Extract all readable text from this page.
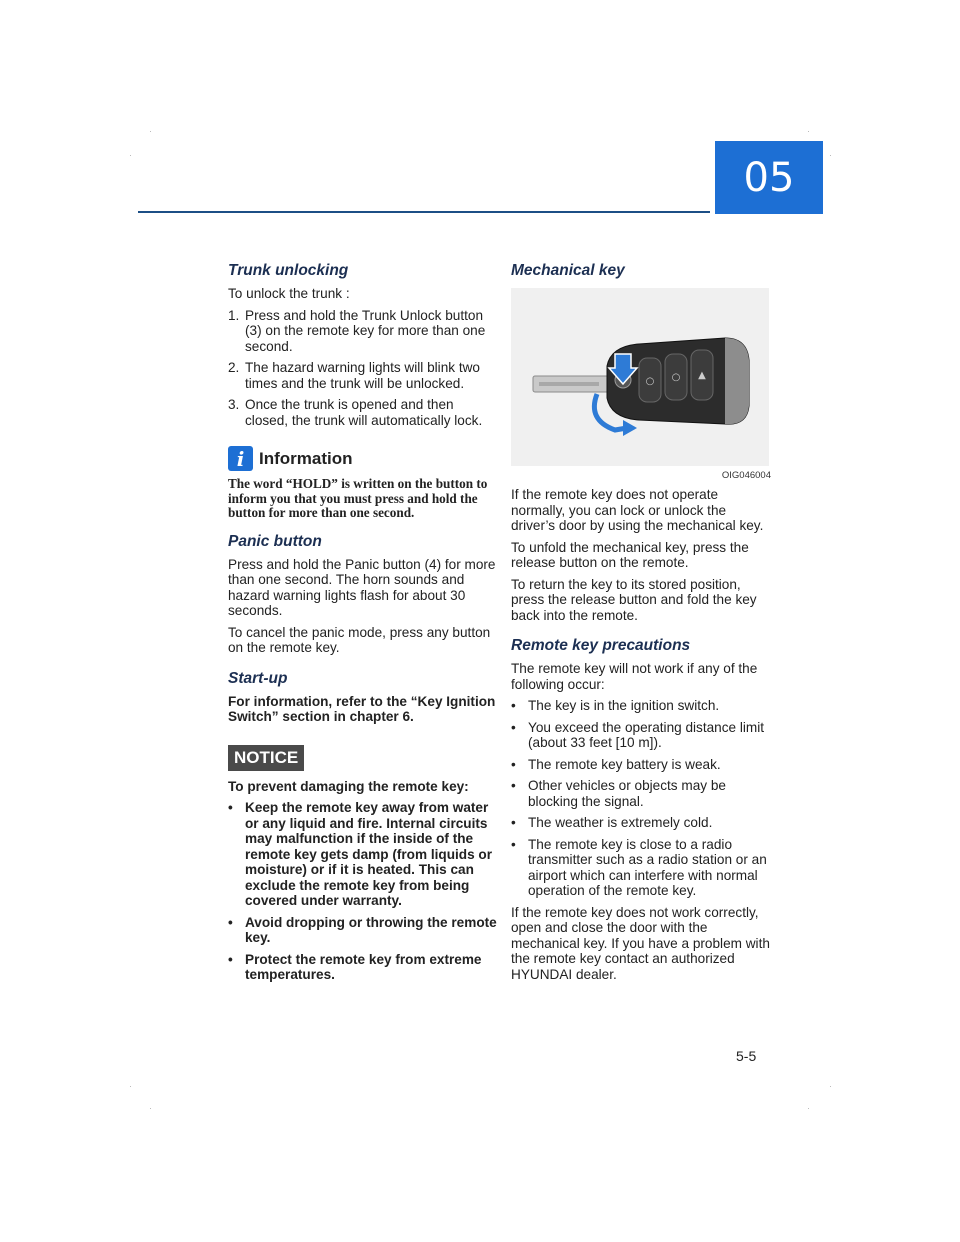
05
Trunk unlocking

To unlock the trunk :

1. Press and hold the Trunk Unlock button (3) on the remote key for more than one second.
2. The hazard warning lights will blink two times and the trunk will be unlocked.
3. Once the trunk is opened and then closed, the trunk will automatically lock.
i Information
The word “HOLD” is written on the button to inform you that you must press and hold the button for more than one second.
Panic button

Press and hold the Panic button (4) for more than one second. The horn sounds and hazard warning lights flash for about 30 seconds.

To cancel the panic mode, press any button on the remote key.

Start-up

For information, refer to the “Key Ignition Switch” section in chapter 6.

NOTICE

To prevent damaging the remote key:

• Keep the remote key away from water or any liquid and fire. Internal circuits may malfunction if the inside of the remote key gets damp (from liquids or moisture) or if it is heated. This can exclude the remote key from being covered under warranty.
• Avoid dropping or throwing the remote key.
• Protect the remote key from extreme temperatures.
Mechanical key
○ ○ ▲
OIG046004

If the remote key does not operate normally, you can lock or unlock the driver’s door by using the mechanical key.

To unfold the mechanical key, press the release button on the remote.

To return the key to its stored position, press the release button and fold the key back into the remote.

Remote key precautions

The remote key will not work if any of the following occur:

• The key is in the ignition switch.
• You exceed the operating distance limit (about 33 feet [10 m]).
• The remote key battery is weak.
• Other vehicles or objects may be blocking the signal.
• The weather is extremely cold.
• The remote key is close to a radio transmitter such as a radio station or an airport which can interfere with normal operation of the remote key.

If the remote key does not work correctly, open and close the door with the mechanical key. If you have a problem with the remote key contact an authorized HYUNDAI dealer.

5-5
